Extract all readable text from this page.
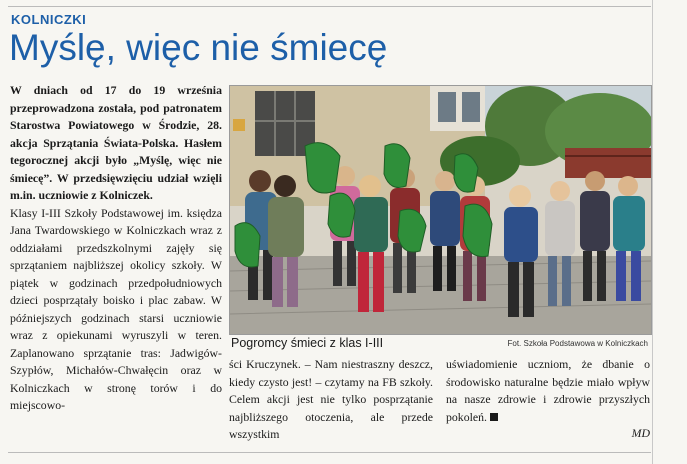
KOLNICZKI
Myślę, więc nie śmiecę

W dniach od 17 do 19 września przeprowadzona została, pod patronatem Starostwa Powiatowego w Środzie, 28. akcja Sprzątania Świata-Polska. Hasłem tegorocznej akcji było „Myślę, więc nie śmiecę”. W przedsięwzięciu udział wzięli m.in. uczniowie z Kolniczek.

Klasy I-III Szkoły Podstawowej im. księdza Jana Twardowskiego w Kolniczkach wraz z oddziałami przedszkolnymi zajęły się sprzątaniem najbliższej okolicy szkoły. W piątek w godzinach przedpołudniowych dzieci posprzątały boisko i plac zabaw. W późniejszych godzinach starsi uczniowie wraz z opiekunami wyruszyli w teren. Zaplanowano sprzątanie tras: Jadwigów-Szypłów, Michałów-Chwałęcin oraz w Kolniczkach w stronę torów i do miejscowo-

Pogromcy śmieci z klas I-III	Fot. Szkoła Podstawowa w Kolniczkach

ści Kruczynek. – Nam niestraszny deszcz, kiedy czysto jest! – czytamy na FB szkoły. Celem akcji jest nie tylko posprzątanie najbliższego otoczenia, ale przede wszystkim

uświadomienie uczniom, że dbanie o środowisko naturalne będzie miało wpływ na nasze zdrowie i zdrowie przyszłych pokoleń.

MD
